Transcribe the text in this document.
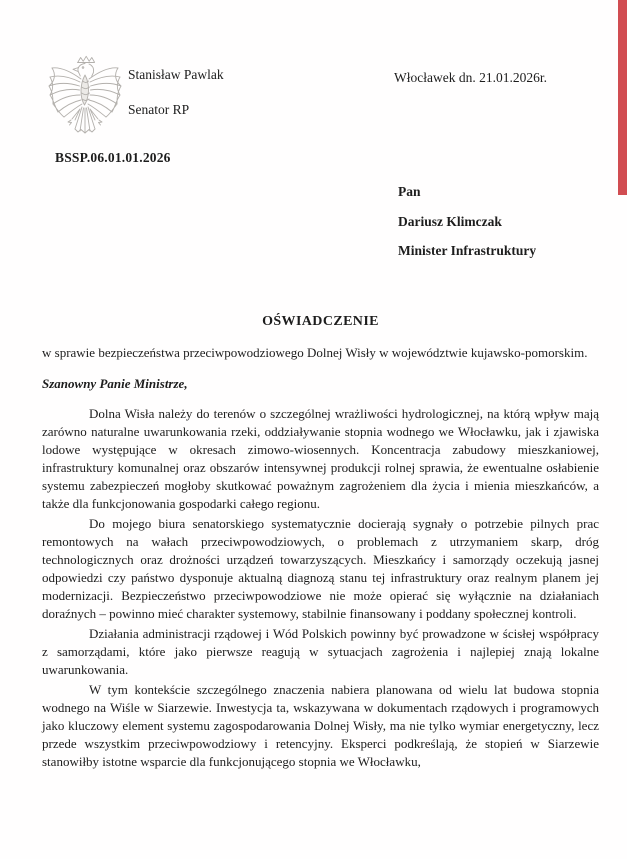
Stanisław Pawlak
Senator RP
Włocławek dn. 21.01.2026r.
BSSP.06.01.01.2026
Pan
Dariusz Klimczak
Minister Infrastruktury
OŚWIADCZENIE

w sprawie bezpieczeństwa przeciwpowodziowego Dolnej Wisły w województwie kujawsko-pomorskim.

Szanowny Panie Ministrze,

Dolna Wisła należy do terenów o szczególnej wrażliwości hydrologicznej, na którą wpływ mają zarówno naturalne uwarunkowania rzeki, oddziaływanie stopnia wodnego we Włocławku, jak i zjawiska lodowe występujące w okresach zimowo-wiosennych. Koncentracja zabudowy mieszkaniowej, infrastruktury komunalnej oraz obszarów intensywnej produkcji rolnej sprawia, że ewentualne osłabienie systemu zabezpieczeń mogłoby skutkować poważnym zagrożeniem dla życia i mienia mieszkańców, a także dla funkcjonowania gospodarki całego regionu.

Do mojego biura senatorskiego systematycznie docierają sygnały o potrzebie pilnych prac remontowych na wałach przeciwpowodziowych, o problemach z utrzymaniem skarp, dróg technologicznych oraz drożności urządzeń towarzyszących. Mieszkańcy i samorządy oczekują jasnej odpowiedzi czy państwo dysponuje aktualną diagnozą stanu tej infrastruktury oraz realnym planem jej modernizacji. Bezpieczeństwo przeciwpowodziowe nie może opierać się wyłącznie na działaniach doraźnych – powinno mieć charakter systemowy, stabilnie finansowany i poddany społecznej kontroli.

Działania administracji rządowej i Wód Polskich powinny być prowadzone w ścisłej współpracy z samorządami, które jako pierwsze reagują w sytuacjach zagrożenia i najlepiej znają lokalne uwarunkowania.

W tym kontekście szczególnego znaczenia nabiera planowana od wielu lat budowa stopnia wodnego na Wiśle w Siarzewie. Inwestycja ta, wskazywana w dokumentach rządowych i programowych jako kluczowy element systemu zagospodarowania Dolnej Wisły, ma nie tylko wymiar energetyczny, lecz przede wszystkim przeciwpowodziowy i retencyjny. Eksperci podkreślają, że stopień w Siarzewie stanowiłby istotne wsparcie dla funkcjonującego stopnia we Włocławku,
